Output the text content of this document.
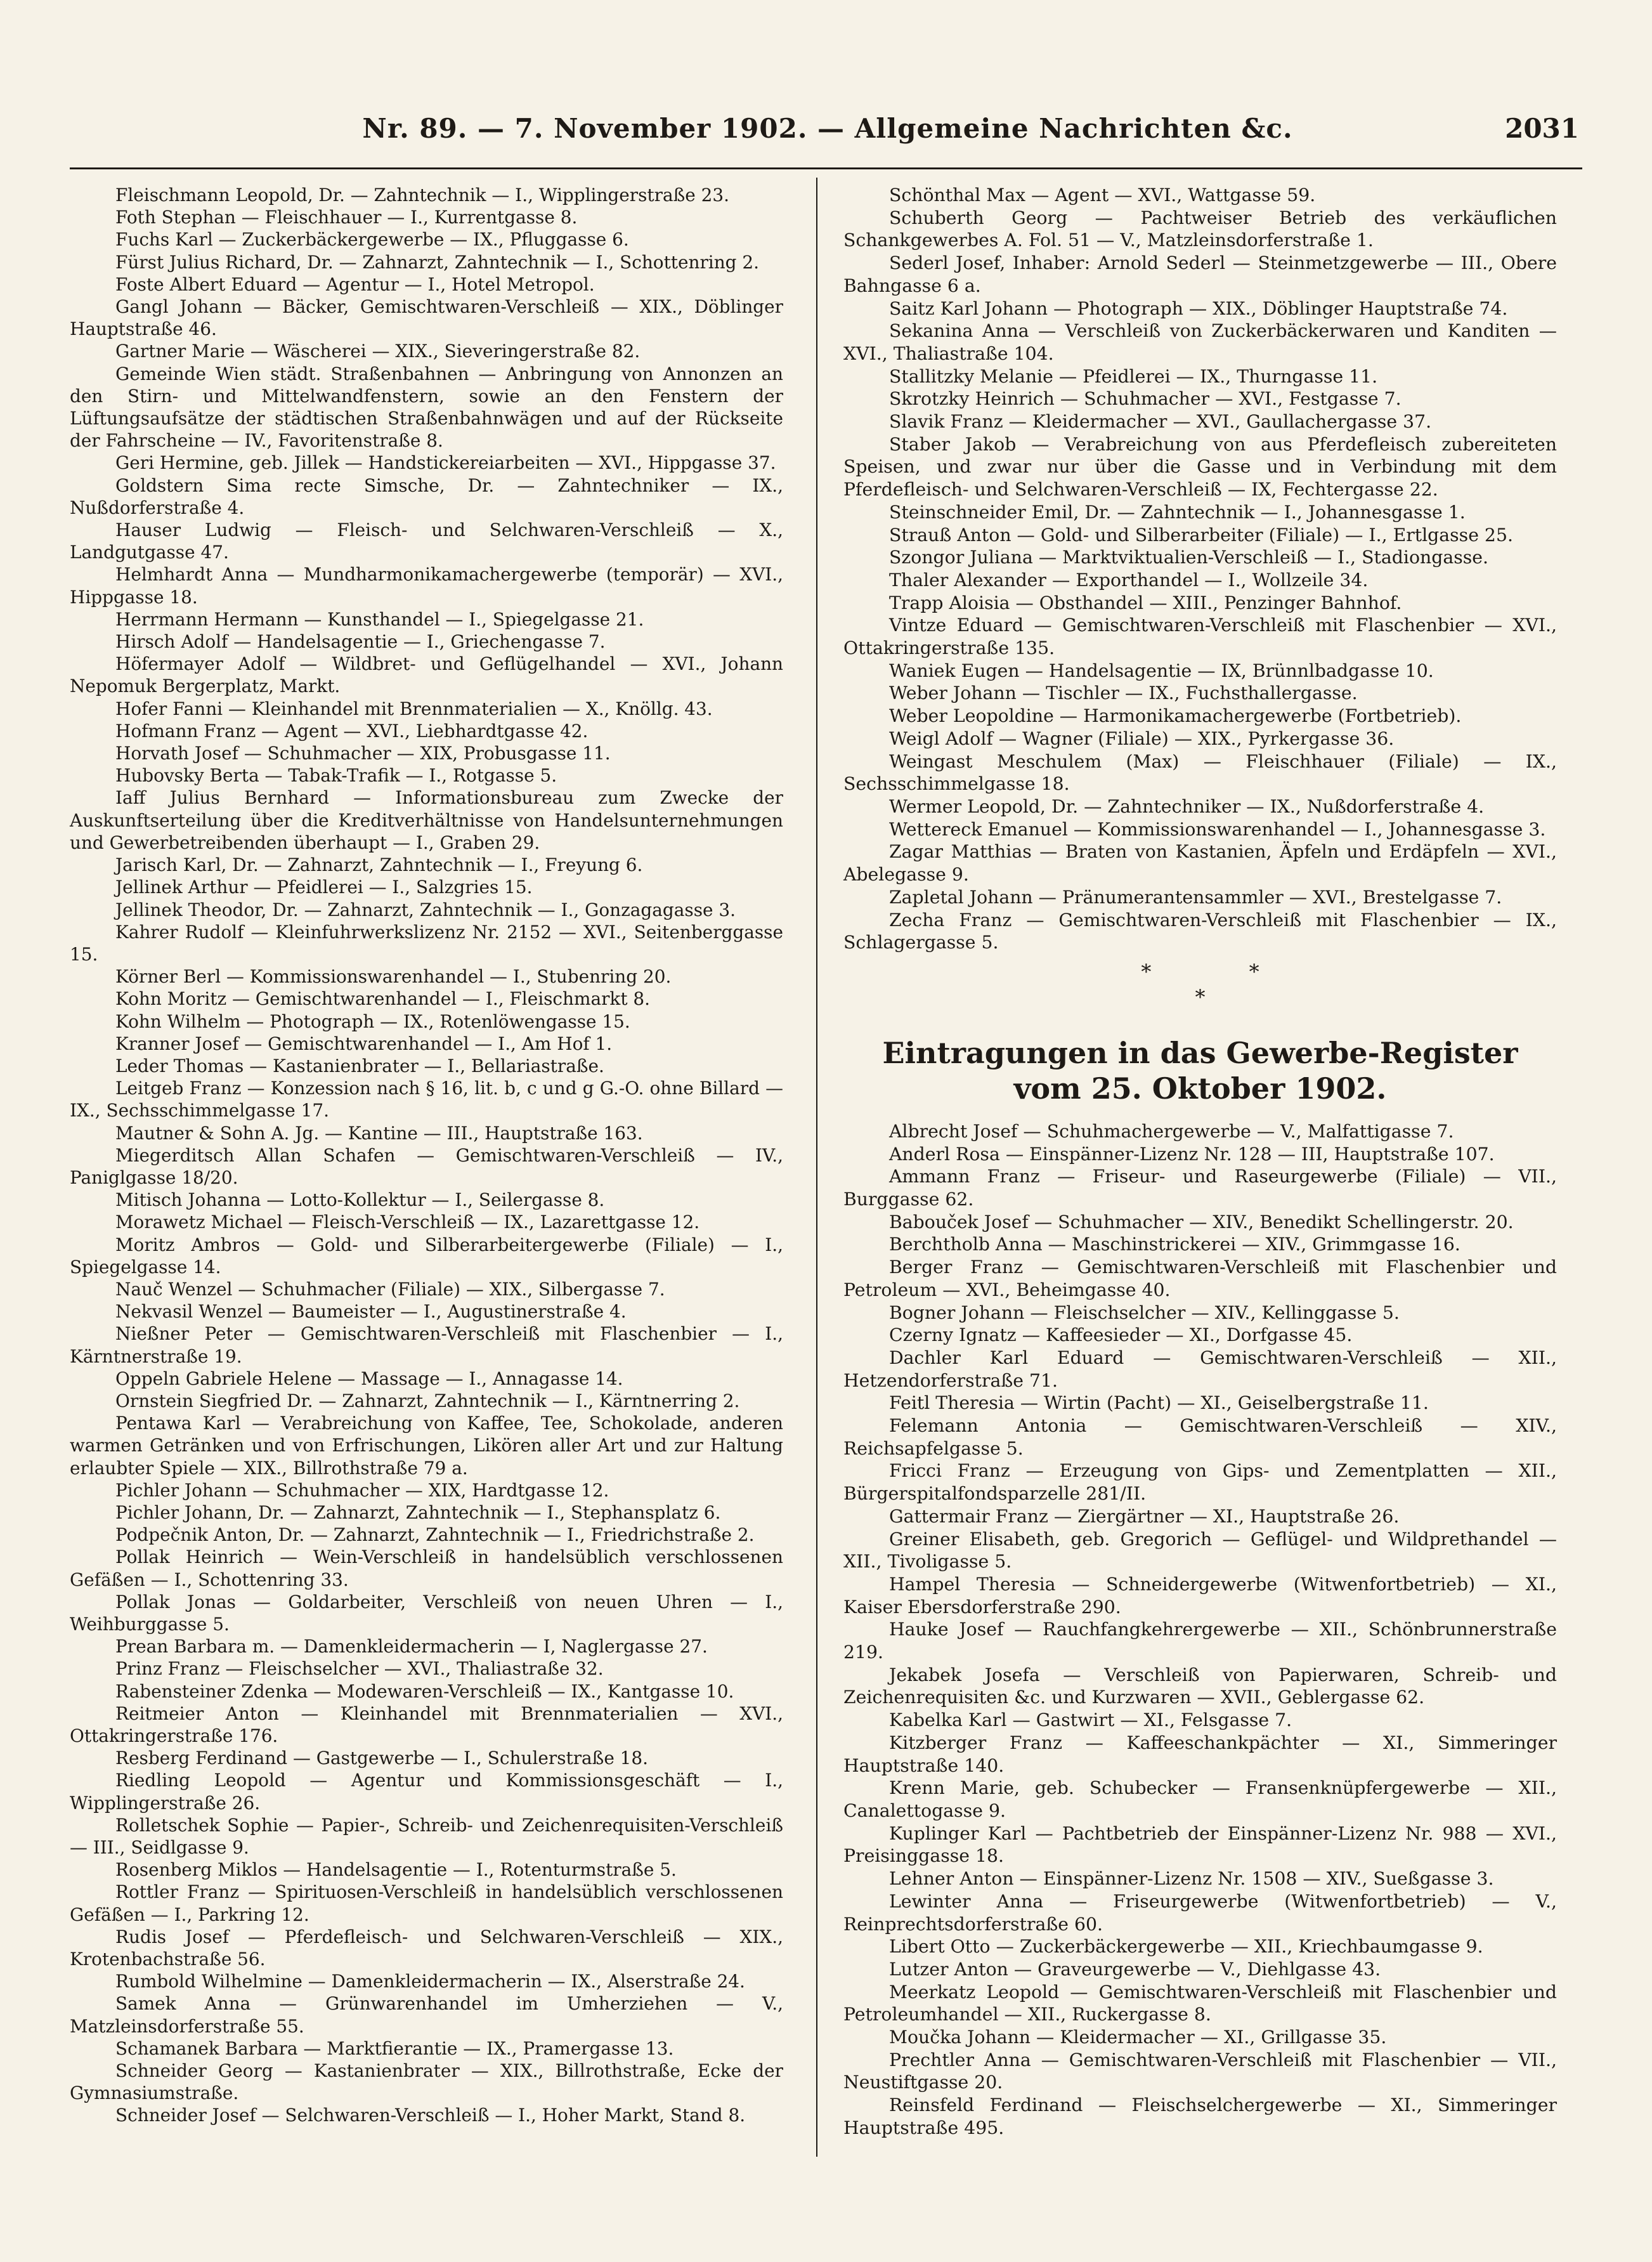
Nr. 89. — 7. November 1902. — Allgemeine Nachrichten &c.	2031

Fleischmann Leopold, Dr. — Zahntechnik — I., Wipplingerstraße 23.

Foth Stephan — Fleischhauer — I., Kurrentgasse 8.

Fuchs Karl — Zuckerbäckergewerbe — IX., Pfluggasse 6.

Fürst Julius Richard, Dr. — Zahnarzt, Zahntechnik — I., Schottenring 2.

Foste Albert Eduard — Agentur — I., Hotel Metropol.

Gangl Johann — Bäcker, Gemischtwaren-Verschleiß — XIX., Döblinger Hauptstraße 46.

Gartner Marie — Wäscherei — XIX., Sieveringerstraße 82.

Gemeinde Wien städt. Straßenbahnen — Anbringung von Annonzen an den Stirn- und Mittelwandfenstern, sowie an den Fenstern der Lüftungsaufsätze der städtischen Straßenbahnwägen und auf der Rückseite der Fahrscheine — IV., Favoritenstraße 8.

Geri Hermine, geb. Jillek — Handstickereiarbeiten — XVI., Hippgasse 37.

Goldstern Sima recte Simsche, Dr. — Zahntechniker — IX., Nußdorferstraße 4.

Hauser Ludwig — Fleisch- und Selchwaren-Verschleiß — X., Landgutgasse 47.

Helmhardt Anna — Mundharmonikamachergewerbe (temporär) — XVI., Hippgasse 18.

Herrmann Hermann — Kunsthandel — I., Spiegelgasse 21.

Hirsch Adolf — Handelsagentie — I., Griechengasse 7.

Höfermayer Adolf — Wildbret- und Geflügelhandel — XVI., Johann Nepomuk Bergerplatz, Markt.

Hofer Fanni — Kleinhandel mit Brennmaterialien — X., Knöllg. 43.

Hofmann Franz — Agent — XVI., Liebhardtgasse 42.

Horvath Josef — Schuhmacher — XIX, Probusgasse 11.

Hubovsky Berta — Tabak-Trafik — I., Rotgasse 5.

Iaff Julius Bernhard — Informationsbureau zum Zwecke der Auskunftserteilung über die Kreditverhältnisse von Handelsunternehmungen und Gewerbetreibenden überhaupt — I., Graben 29.

Jarisch Karl, Dr. — Zahnarzt, Zahntechnik — I., Freyung 6.

Jellinek Arthur — Pfeidlerei — I., Salzgries 15.

Jellinek Theodor, Dr. — Zahnarzt, Zahntechnik — I., Gonzagagasse 3.

Kahrer Rudolf — Kleinfuhrwerkslizenz Nr. 2152 — XVI., Seitenberggasse 15.

Körner Berl — Kommissionswarenhandel — I., Stubenring 20.

Kohn Moritz — Gemischtwarenhandel — I., Fleischmarkt 8.

Kohn Wilhelm — Photograph — IX., Rotenlöwengasse 15.

Kranner Josef — Gemischtwarenhandel — I., Am Hof 1.

Leder Thomas — Kastanienbrater — I., Bellariastraße.

Leitgeb Franz — Konzession nach § 16, lit. b, c und g G.-O. ohne Billard — IX., Sechsschimmelgasse 17.

Mautner & Sohn A. Jg. — Kantine — III., Hauptstraße 163.

Miegerditsch Allan Schafen — Gemischtwaren-Verschleiß — IV., Paniglgasse 18/20.

Mitisch Johanna — Lotto-Kollektur — I., Seilergasse 8.

Morawetz Michael — Fleisch-Verschleiß — IX., Lazarettgasse 12.

Moritz Ambros — Gold- und Silberarbeitergewerbe (Filiale) — I., Spiegelgasse 14.

Nauč Wenzel — Schuhmacher (Filiale) — XIX., Silbergasse 7.

Nekvasil Wenzel — Baumeister — I., Augustinerstraße 4.

Nießner Peter — Gemischtwaren-Verschleiß mit Flaschenbier — I., Kärntnerstraße 19.

Oppeln Gabriele Helene — Massage — I., Annagasse 14.

Ornstein Siegfried Dr. — Zahnarzt, Zahntechnik — I., Kärntnerring 2.

Pentawa Karl — Verabreichung von Kaffee, Tee, Schokolade, anderen warmen Getränken und von Erfrischungen, Likören aller Art und zur Haltung erlaubter Spiele — XIX., Billrothstraße 79 a.

Pichler Johann — Schuhmacher — XIX, Hardtgasse 12.

Pichler Johann, Dr. — Zahnarzt, Zahntechnik — I., Stephansplatz 6.

Podpečnik Anton, Dr. — Zahnarzt, Zahntechnik — I., Friedrichstraße 2.

Pollak Heinrich — Wein-Verschleiß in handelsüblich verschlossenen Gefäßen — I., Schottenring 33.

Pollak Jonas — Goldarbeiter, Verschleiß von neuen Uhren — I., Weihburggasse 5.

Prean Barbara m. — Damenkleidermacherin — I, Naglergasse 27.

Prinz Franz — Fleischselcher — XVI., Thaliastraße 32.

Rabensteiner Zdenka — Modewaren-Verschleiß — IX., Kantgasse 10.

Reitmeier Anton — Kleinhandel mit Brennmaterialien — XVI., Ottakringerstraße 176.

Resberg Ferdinand — Gastgewerbe — I., Schulerstraße 18.

Riedling Leopold — Agentur und Kommissionsgeschäft — I., Wipplingerstraße 26.

Rolletschek Sophie — Papier-, Schreib- und Zeichenrequisiten-Verschleiß — III., Seidlgasse 9.

Rosenberg Miklos — Handelsagentie — I., Rotenturmstraße 5.

Rottler Franz — Spirituosen-Verschleiß in handelsüblich verschlossenen Gefäßen — I., Parkring 12.

Rudis Josef — Pferdefleisch- und Selchwaren-Verschleiß — XIX., Krotenbachstraße 56.

Rumbold Wilhelmine — Damenkleidermacherin — IX., Alserstraße 24.

Samek Anna — Grünwarenhandel im Umherziehen — V., Matzleinsdorferstraße 55.

Schamanek Barbara — Marktfierantie — IX., Pramergasse 13.

Schneider Georg — Kastanienbrater — XIX., Billrothstraße, Ecke der Gymnasiumstraße.

Schneider Josef — Selchwaren-Verschleiß — I., Hoher Markt, Stand 8.

Schönthal Max — Agent — XVI., Wattgasse 59.

Schuberth Georg — Pachtweiser Betrieb des verkäuflichen Schankgewerbes A. Fol. 51 — V., Matzleinsdorferstraße 1.

Sederl Josef, Inhaber: Arnold Sederl — Steinmetzgewerbe — III., Obere Bahngasse 6 a.

Saitz Karl Johann — Photograph — XIX., Döblinger Hauptstraße 74.

Sekanina Anna — Verschleiß von Zuckerbäckerwaren und Kanditen — XVI., Thaliastraße 104.

Stallitzky Melanie — Pfeidlerei — IX., Thurngasse 11.

Skrotzky Heinrich — Schuhmacher — XVI., Festgasse 7.

Slavik Franz — Kleidermacher — XVI., Gaullachergasse 37.

Staber Jakob — Verabreichung von aus Pferdefleisch zubereiteten Speisen, und zwar nur über die Gasse und in Verbindung mit dem Pferdefleisch- und Selchwaren-Verschleiß — IX, Fechtergasse 22.

Steinschneider Emil, Dr. — Zahntechnik — I., Johannesgasse 1.

Strauß Anton — Gold- und Silberarbeiter (Filiale) — I., Ertlgasse 25.

Szongor Juliana — Marktviktualien-Verschleiß — I., Stadiongasse.

Thaler Alexander — Exporthandel — I., Wollzeile 34.

Trapp Aloisia — Obsthandel — XIII., Penzinger Bahnhof.

Vintze Eduard — Gemischtwaren-Verschleiß mit Flaschenbier — XVI., Ottakringerstraße 135.

Waniek Eugen — Handelsagentie — IX, Brünnlbadgasse 10.

Weber Johann — Tischler — IX., Fuchsthallergasse.

Weber Leopoldine — Harmonikamachergewerbe (Fortbetrieb).

Weigl Adolf — Wagner (Filiale) — XIX., Pyrkergasse 36.

Weingast Meschulem (Max) — Fleischhauer (Filiale) — IX., Sechsschimmelgasse 18.

Wermer Leopold, Dr. — Zahntechniker — IX., Nußdorferstraße 4.

Wettereck Emanuel — Kommissionswarenhandel — I., Johannesgasse 3.

Zagar Matthias — Braten von Kastanien, Äpfeln und Erdäpfeln — XVI., Abelegasse 9.

Zapletal Johann — Pränumerantensammler — XVI., Brestelgasse 7.

Zecha Franz — Gemischtwaren-Verschleiß mit Flaschenbier — IX., Schlagergasse 5.

* *
*
Eintragungen in das Gewerbe-Register
vom 25. Oktober 1902.

Albrecht Josef — Schuhmachergewerbe — V., Malfattigasse 7.

Anderl Rosa — Einspänner-Lizenz Nr. 128 — III, Hauptstraße 107.

Ammann Franz — Friseur- und Raseurgewerbe (Filiale) — VII., Burggasse 62.

Babouček Josef — Schuhmacher — XIV., Benedikt Schellingerstr. 20.

Berchtholb Anna — Maschinstrickerei — XIV., Grimmgasse 16.

Berger Franz — Gemischtwaren-Verschleiß mit Flaschenbier und Petroleum — XVI., Beheimgasse 40.

Bogner Johann — Fleischselcher — XIV., Kellinggasse 5.

Czerny Ignatz — Kaffeesieder — XI., Dorfgasse 45.

Dachler Karl Eduard — Gemischtwaren-Verschleiß — XII., Hetzendorferstraße 71.

Feitl Theresia — Wirtin (Pacht) — XI., Geiselbergstraße 11.

Felemann Antonia — Gemischtwaren-Verschleiß — XIV., Reichsapfelgasse 5.

Fricci Franz — Erzeugung von Gips- und Zementplatten — XII., Bürgerspitalfondsparzelle 281/II.

Gattermair Franz — Ziergärtner — XI., Hauptstraße 26.

Greiner Elisabeth, geb. Gregorich — Geflügel- und Wildprethandel — XII., Tivoligasse 5.

Hampel Theresia — Schneidergewerbe (Witwenfortbetrieb) — XI., Kaiser Ebersdorferstraße 290.

Hauke Josef — Rauchfangkehrergewerbe — XII., Schönbrunnerstraße 219.

Jekabek Josefa — Verschleiß von Papierwaren, Schreib- und Zeichenrequisiten &c. und Kurzwaren — XVII., Geblergasse 62.

Kabelka Karl — Gastwirt — XI., Felsgasse 7.

Kitzberger Franz — Kaffeeschankpächter — XI., Simmeringer Hauptstraße 140.

Krenn Marie, geb. Schubecker — Fransenknüpfergewerbe — XII., Canalettogasse 9.

Kuplinger Karl — Pachtbetrieb der Einspänner-Lizenz Nr. 988 — XVI., Preisinggasse 18.

Lehner Anton — Einspänner-Lizenz Nr. 1508 — XIV., Sueßgasse 3.

Lewinter Anna — Friseurgewerbe (Witwenfortbetrieb) — V., Reinprechtsdorferstraße 60.

Libert Otto — Zuckerbäckergewerbe — XII., Kriechbaumgasse 9.

Lutzer Anton — Graveurgewerbe — V., Diehlgasse 43.

Meerkatz Leopold — Gemischtwaren-Verschleiß mit Flaschenbier und Petroleumhandel — XII., Ruckergasse 8.

Moučka Johann — Kleidermacher — XI., Grillgasse 35.

Prechtler Anna — Gemischtwaren-Verschleiß mit Flaschenbier — VII., Neustiftgasse 20.

Reinsfeld Ferdinand — Fleischselchergewerbe — XI., Simmeringer Hauptstraße 495.
